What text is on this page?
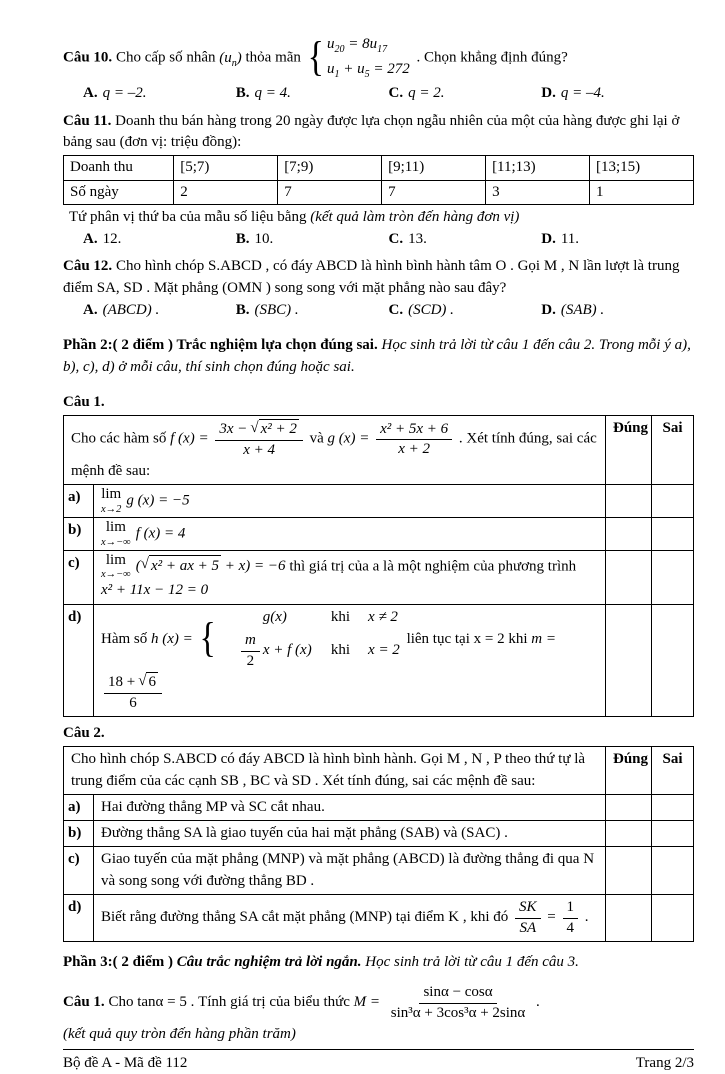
Câu 10. Cho cấp số nhân $(u_n)$ thỏa mãn { $u_{20} = 8u_{17}$
$u_1 + u_5 = 272$
. Chọn khẳng định đúng?
A. q = –2.	B. q = 4.	C. q = 2.	D. q = –4.
Câu 11. Doanh thu bán hàng trong 20 ngày được lựa chọn ngẫu nhiên của một của hàng được ghi lại ở bảng sau (đơn vị: triệu đồng):
Doanh thu	[5;7)	[7;9)	[9;11)	[11;13)	[13;15)
Số ngày	2	7	7	3	1
Tứ phân vị thứ ba của mẫu số liệu bằng (kết quả làm tròn đến hàng đơn vị)
A. 12.	B. 10.	C. 13.	D. 11.
Câu 12. Cho hình chóp S.ABCD , có đáy ABCD là hình bình hành tâm O . Gọi M , N lần lượt là trung điểm SA, SD . Mặt phẳng (OMN ) song song với mặt phẳng nào sau đây?
A. (ABCD) .	B. (SBC) .	C. (SCD) .	D. (SAB) .
Phần 2:( 2 điểm ) Trắc nghiệm lựa chọn đúng sai. Học sinh trả lời từ câu 1 đến câu 2. Trong mỗi ý a), b), c), d) ở mỗi câu, thí sinh chọn đúng hoặc sai.
Câu 1.
Cho các hàm số f $(x) = \frac{\text{3x − √ x² + 2}}{x + 4}$ và g $(x) = \frac{\text{x² + 5x + 6}}{x + 2}$ . Xét tính đúng, sai các mệnh đề sau:	Đúng	Sai
a)	lim
x→2
g (x) = −5		
b)	lim
x→−∞
f (x) = 4		
c)	lim
x→−∞
( √ x² + ax + 5 + x) = −6 thì giá trị của a là một nghiệm của phương trình
x² + 11x − 12 = 0

d)	Hàm số h (x) = {	g(x)	khi x ≠ 2
$\frac{m}{2}$ x + f (x) khi x = 2
liên tục tại x = 2 khi m =
$\frac{18 + √ 6}{6}$

Câu 2.
Cho hình chóp S.ABCD có đáy ABCD là hình bình hành. Gọi M , N , P theo thứ tự là trung điểm của các cạnh SB , BC và SD . Xét tính đúng, sai các mệnh đề sau:		Đúng	Sai
a)	Hai đường thẳng MP và SC cắt nhau.		
b)	Đường thẳng SA là giao tuyến của hai mặt phẳng (SAB) và (SAC) .		
c)	Giao tuyến của mặt phẳng (MNP) và mặt phẳng (ABCD) là đường thẳng đi qua N và song song với đường thẳng BD .		
d)	Biết rằng đường thẳng SA cắt mặt phẳng (MNP) tại điểm K , khi đó $\frac{SK}{SA} = \frac{1}{4}$ .		
Phần 3:( 2 điểm ) Câu trắc nghiệm trả lời ngắn. Học sinh trả lời từ câu 1 đến câu 3.
Câu 1. Cho tanα = 5 . Tính giá trị của biểu thức $M = \frac{\sin\alpha - \cos\alpha}{\text{sin³α + 3cos³α + 2sinα}}$ .
(kết quả quy tròn đến hàng phần trăm)
Bộ đề A - Mã đề 112	Trang 2/3
